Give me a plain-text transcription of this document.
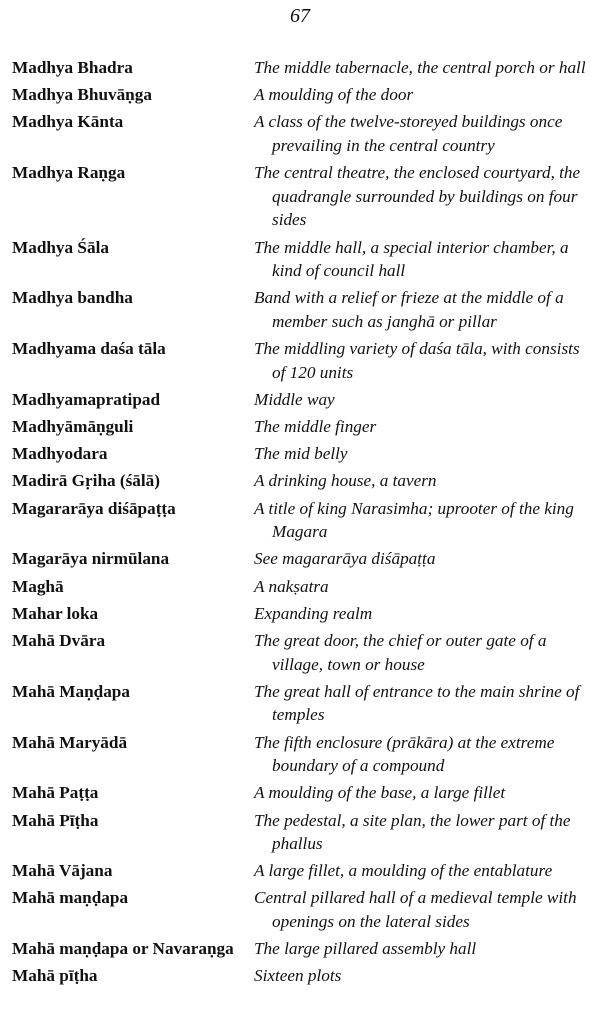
67
Madhya Bhadra	The middle tabernacle, the central porch or hall
Madhya Bhuvāṇga	A moulding of the door
Madhya Kānta	A class of the twelve-storeyed buildings once prevailing in the central country
Madhya Raṇga	The central theatre, the enclosed courtyard, the quadrangle surrounded by buildings on four sides
Madhya Śāla	The middle hall, a special interior chamber, a kind of council hall
Madhya bandha	Band with a relief or frieze at the middle of a member such as janghā or pillar
Madhyama daśa tāla	The middling variety of daśa tāla, with consists of 120 units
Madhyamapratipad	Middle way
Madhyāmāṇguli	The middle finger
Madhyodara	The mid belly
Madirā Gṛiha (śālā)	A drinking house, a tavern
Magararāya diśāpaṭṭa	A title of king Narasimha; uprooter of the king Magara
Magarāya nirmūlana	See magararāya diśāpaṭṭa
Maghā	A nakṣatra
Mahar loka	Expanding realm
Mahā Dvāra	The great door, the chief or outer gate of a village, town or house
Mahā Maṇḍapa	The great hall of entrance to the main shrine of temples
Mahā Maryādā	The fifth enclosure (prākāra) at the extreme boundary of a compound
Mahā Paṭṭa	A moulding of the base, a large fillet
Mahā Pīṭha	The pedestal, a site plan, the lower part of the phallus
Mahā Vājana	A large fillet, a moulding of the entablature
Mahā maṇḍapa	Central pillared hall of a medieval temple with openings on the lateral sides
Mahā maṇḍapa or Navaraṇga	The large pillared assembly hall
Mahā pīṭha	Sixteen plots
